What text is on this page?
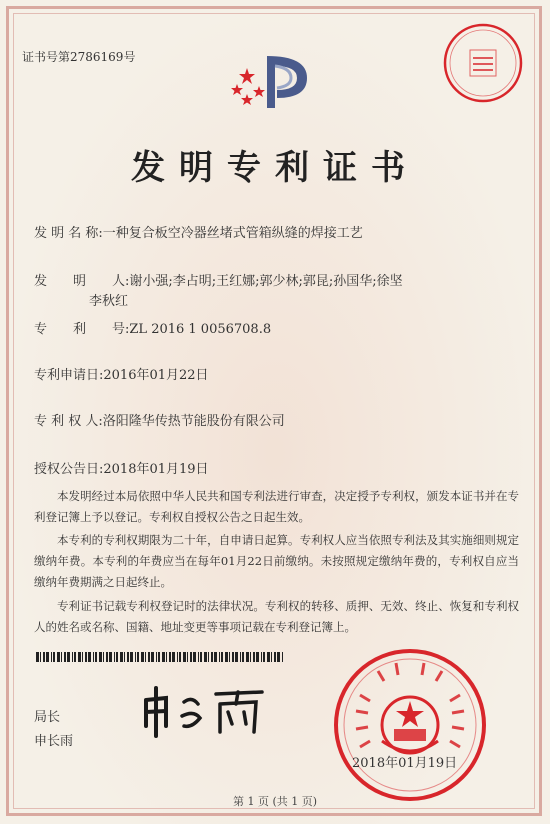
证书号第2786169号
发明专利证书
发 明 名 称:一种复合板空冷器丝堵式管箱纵缝的焊接工艺
发　　明　　人:谢小强;李占明;王红娜;郭少林;郭昆;孙国华;徐坚
李秋红
专　　利　　号:ZL 2016 1 0056708.8
专利申请日:2016年01月22日
专 利 权 人:洛阳隆华传热节能股份有限公司
授权公告日:2018年01月19日
本发明经过本局依照中华人民共和国专利法进行审查，决定授予专利权，颁发本证书并在专利登记簿上予以登记。专利权自授权公告之日起生效。
本专利的专利权期限为二十年，自申请日起算。专利权人应当依照专利法及其实施细则规定缴纳年费。本专利的年费应当在每年01月22日前缴纳。未按照规定缴纳年费的，专利权自应当缴纳年费期满之日起终止。
专利证书记载专利权登记时的法律状况。专利权的转移、质押、无效、终止、恢复和专利权人的姓名或名称、国籍、地址变更等事项记载在专利登记簿上。
局长
申长雨
2018年01月19日
第 1 页 (共 1 页)
